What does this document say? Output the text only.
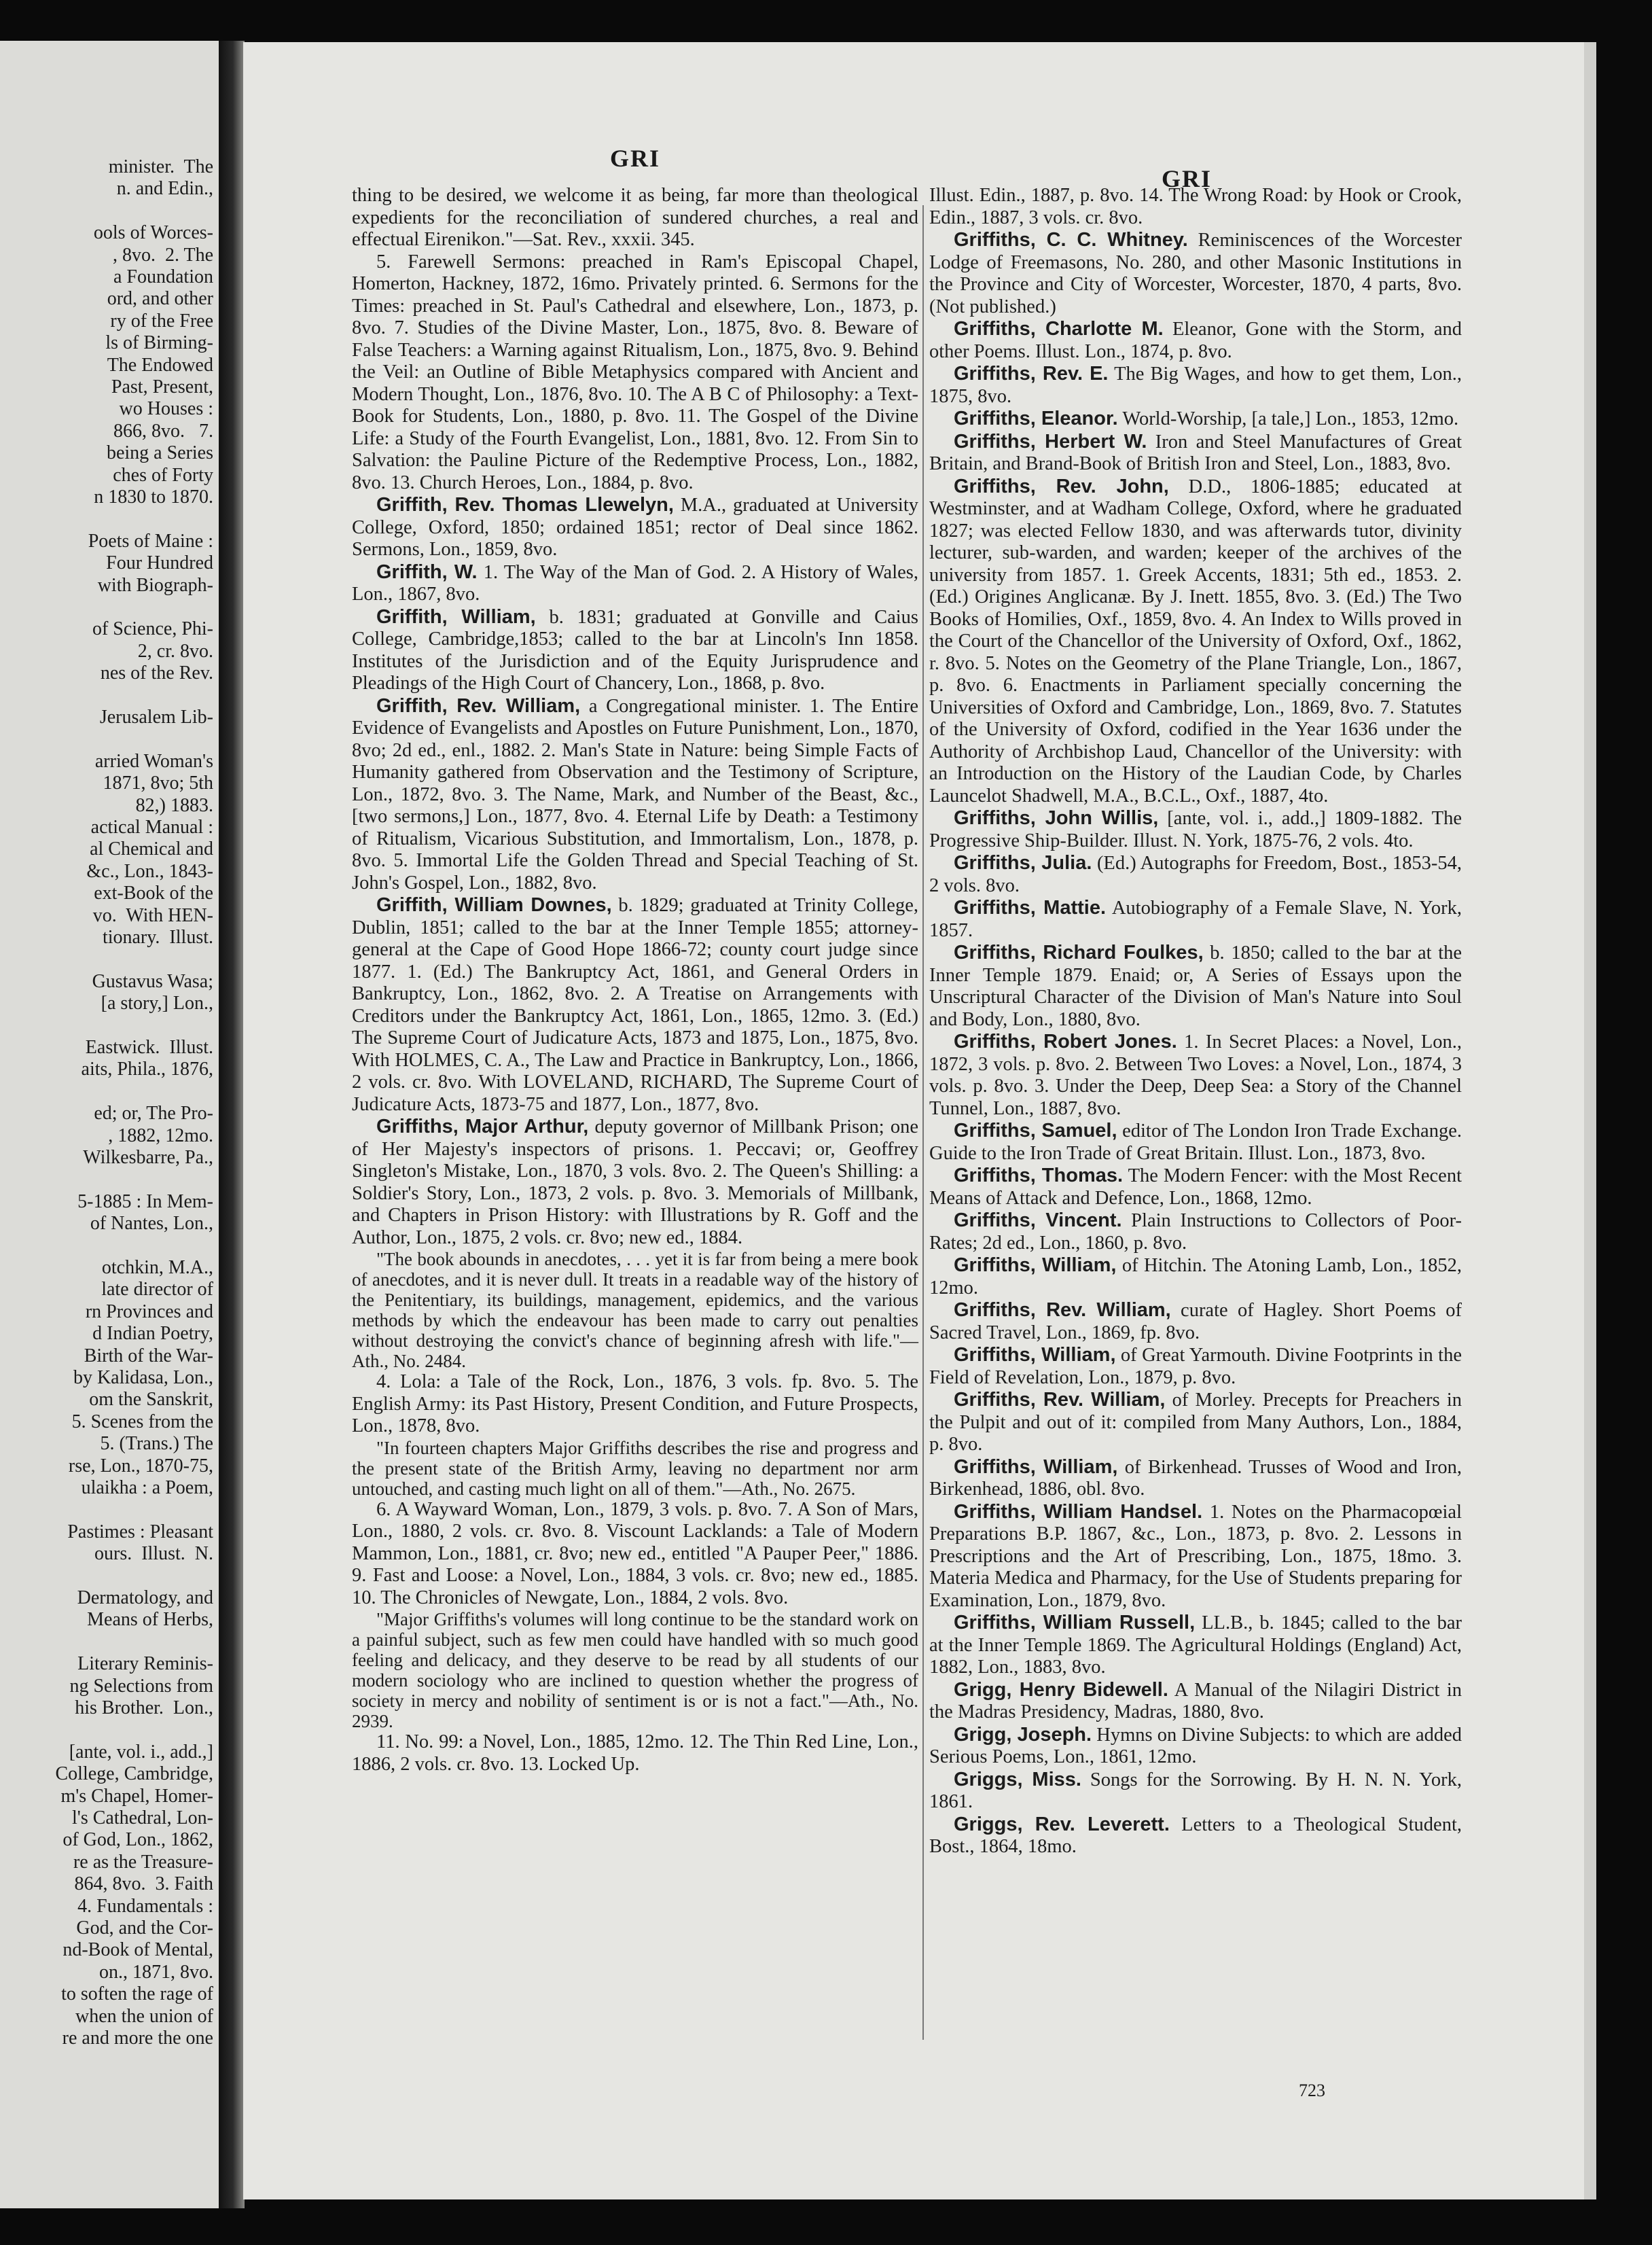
minister.  The
n. and Edin.,
ools of Worces-
, 8vo.  2. The
a Foundation
ord, and other
ry of the Free
ls of Birming-
The Endowed
Past, Present,
wo Houses :
866, 8vo.   7.
being a Series
ches of Forty
n 1830 to 1870.
Poets of Maine :
Four Hundred
with Biograph-
of Science, Phi-
2, cr. 8vo.
nes of the Rev.
Jerusalem Lib-
arried Woman's
1871, 8vo; 5th
82,) 1883.
actical Manual :
al Chemical and
&c., Lon., 1843-
ext-Book of the
vo.  With HEN-
tionary.  Illust.
Gustavus Wasa;
[a story,] Lon.,
Eastwick.  Illust.
aits, Phila., 1876,
ed; or, The Pro-
, 1882, 12mo.
Wilkesbarre, Pa.,
5-1885 : In Mem-
of Nantes, Lon.,
otchkin, M.A.,
late director of
rn Provinces and
d Indian Poetry,
Birth of the War-
by Kalidasa, Lon.,
om the Sanskrit,
5. Scenes from the
5. (Trans.) The
rse, Lon., 1870-75,
ulaikha : a Poem,
Pastimes : Pleasant
ours.  Illust.  N.
Dermatology, and
Means of Herbs,
Literary Reminis-
ng Selections from
his Brother.  Lon.,
[ante, vol. i., add.,]
College, Cambridge,
m's Chapel, Homer-
l's Cathedral, Lon-
of God, Lon., 1862,
re as the Treasure-
864, 8vo.  3. Faith
4. Fundamentals :
God, and the Cor-
nd-Book of Mental,
on., 1871, 8vo.
to soften the rage of
when the union of
re and more the one
GRI
GRI

thing to be desired, we welcome it as being, far more than theological expedients for the reconciliation of sundered churches, a real and effectual Eirenikon."—Sat. Rev., xxxii. 345.

5. Farewell Sermons: preached in Ram's Episcopal Chapel, Homerton, Hackney, 1872, 16mo. Privately printed. 6. Sermons for the Times: preached in St. Paul's Cathedral and elsewhere, Lon., 1873, p. 8vo. 7. Studies of the Divine Master, Lon., 1875, 8vo. 8. Beware of False Teachers: a Warning against Ritualism, Lon., 1875, 8vo. 9. Behind the Veil: an Outline of Bible Metaphysics compared with Ancient and Modern Thought, Lon., 1876, 8vo. 10. The A B C of Philosophy: a Text-Book for Students, Lon., 1880, p. 8vo. 11. The Gospel of the Divine Life: a Study of the Fourth Evangelist, Lon., 1881, 8vo. 12. From Sin to Salvation: the Pauline Picture of the Redemptive Process, Lon., 1882, 8vo. 13. Church Heroes, Lon., 1884, p. 8vo.

Griffith, Rev. Thomas Llewelyn, M.A., graduated at University College, Oxford, 1850; ordained 1851; rector of Deal since 1862. Sermons, Lon., 1859, 8vo.

Griffith, W. 1. The Way of the Man of God. 2. A History of Wales, Lon., 1867, 8vo.

Griffith, William, b. 1831; graduated at Gonville and Caius College, Cambridge,1853; called to the bar at Lincoln's Inn 1858. Institutes of the Jurisdiction and of the Equity Jurisprudence and Pleadings of the High Court of Chancery, Lon., 1868, p. 8vo.

Griffith, Rev. William, a Congregational minister. 1. The Entire Evidence of Evangelists and Apostles on Future Punishment, Lon., 1870, 8vo; 2d ed., enl., 1882. 2. Man's State in Nature: being Simple Facts of Humanity gathered from Observation and the Testimony of Scripture, Lon., 1872, 8vo. 3. The Name, Mark, and Number of the Beast, &c., [two sermons,] Lon., 1877, 8vo. 4. Eternal Life by Death: a Testimony of Ritualism, Vicarious Substitution, and Immortalism, Lon., 1878, p. 8vo. 5. Immortal Life the Golden Thread and Special Teaching of St. John's Gospel, Lon., 1882, 8vo.

Griffith, William Downes, b. 1829; graduated at Trinity College, Dublin, 1851; called to the bar at the Inner Temple 1855; attorney-general at the Cape of Good Hope 1866-72; county court judge since 1877. 1. (Ed.) The Bankruptcy Act, 1861, and General Orders in Bankruptcy, Lon., 1862, 8vo. 2. A Treatise on Arrangements with Creditors under the Bankruptcy Act, 1861, Lon., 1865, 12mo. 3. (Ed.) The Supreme Court of Judicature Acts, 1873 and 1875, Lon., 1875, 8vo. With HOLMES, C. A., The Law and Practice in Bankruptcy, Lon., 1866, 2 vols. cr. 8vo. With LOVELAND, RICHARD, The Supreme Court of Judicature Acts, 1873-75 and 1877, Lon., 1877, 8vo.

Griffiths, Major Arthur, deputy governor of Millbank Prison; one of Her Majesty's inspectors of prisons. 1. Peccavi; or, Geoffrey Singleton's Mistake, Lon., 1870, 3 vols. 8vo. 2. The Queen's Shilling: a Soldier's Story, Lon., 1873, 2 vols. p. 8vo. 3. Memorials of Millbank, and Chapters in Prison History: with Illustrations by R. Goff and the Author, Lon., 1875, 2 vols. cr. 8vo; new ed., 1884.

"The book abounds in anecdotes, . . . yet it is far from being a mere book of anecdotes, and it is never dull. It treats in a readable way of the history of the Penitentiary, its buildings, management, epidemics, and the various methods by which the endeavour has been made to carry out penalties without destroying the convict's chance of beginning afresh with life."—Ath., No. 2484.

4. Lola: a Tale of the Rock, Lon., 1876, 3 vols. fp. 8vo. 5. The English Army: its Past History, Present Condition, and Future Prospects, Lon., 1878, 8vo.

"In fourteen chapters Major Griffiths describes the rise and progress and the present state of the British Army, leaving no department nor arm untouched, and casting much light on all of them."—Ath., No. 2675.

6. A Wayward Woman, Lon., 1879, 3 vols. p. 8vo. 7. A Son of Mars, Lon., 1880, 2 vols. cr. 8vo. 8. Viscount Lacklands: a Tale of Modern Mammon, Lon., 1881, cr. 8vo; new ed., entitled "A Pauper Peer," 1886. 9. Fast and Loose: a Novel, Lon., 1884, 3 vols. cr. 8vo; new ed., 1885. 10. The Chronicles of Newgate, Lon., 1884, 2 vols. 8vo.

"Major Griffiths's volumes will long continue to be the standard work on a painful subject, such as few men could have handled with so much good feeling and delicacy, and they deserve to be read by all students of our modern sociology who are inclined to question whether the progress of society in mercy and nobility of sentiment is or is not a fact."—Ath., No. 2939.

11. No. 99: a Novel, Lon., 1885, 12mo. 12. The Thin Red Line, Lon., 1886, 2 vols. cr. 8vo. 13. Locked Up.

Illust. Edin., 1887, p. 8vo. 14. The Wrong Road: by Hook or Crook, Edin., 1887, 3 vols. cr. 8vo.

Griffiths, C. C. Whitney. Reminiscences of the Worcester Lodge of Freemasons, No. 280, and other Masonic Institutions in the Province and City of Worcester, Worcester, 1870, 4 parts, 8vo. (Not published.)

Griffiths, Charlotte M. Eleanor, Gone with the Storm, and other Poems. Illust. Lon., 1874, p. 8vo.

Griffiths, Rev. E. The Big Wages, and how to get them, Lon., 1875, 8vo.

Griffiths, Eleanor. World-Worship, [a tale,] Lon., 1853, 12mo.

Griffiths, Herbert W. Iron and Steel Manufactures of Great Britain, and Brand-Book of British Iron and Steel, Lon., 1883, 8vo.

Griffiths, Rev. John, D.D., 1806-1885; educated at Westminster, and at Wadham College, Oxford, where he graduated 1827; was elected Fellow 1830, and was afterwards tutor, divinity lecturer, sub-warden, and warden; keeper of the archives of the university from 1857. 1. Greek Accents, 1831; 5th ed., 1853. 2. (Ed.) Origines Anglicanæ. By J. Inett. 1855, 8vo. 3. (Ed.) The Two Books of Homilies, Oxf., 1859, 8vo. 4. An Index to Wills proved in the Court of the Chancellor of the University of Oxford, Oxf., 1862, r. 8vo. 5. Notes on the Geometry of the Plane Triangle, Lon., 1867, p. 8vo. 6. Enactments in Parliament specially concerning the Universities of Oxford and Cambridge, Lon., 1869, 8vo. 7. Statutes of the University of Oxford, codified in the Year 1636 under the Authority of Archbishop Laud, Chancellor of the University: with an Introduction on the History of the Laudian Code, by Charles Launcelot Shadwell, M.A., B.C.L., Oxf., 1887, 4to.

Griffiths, John Willis, [ante, vol. i., add.,] 1809-1882. The Progressive Ship-Builder. Illust. N. York, 1875-76, 2 vols. 4to.

Griffiths, Julia. (Ed.) Autographs for Freedom, Bost., 1853-54, 2 vols. 8vo.

Griffiths, Mattie. Autobiography of a Female Slave, N. York, 1857.

Griffiths, Richard Foulkes, b. 1850; called to the bar at the Inner Temple 1879. Enaid; or, A Series of Essays upon the Unscriptural Character of the Division of Man's Nature into Soul and Body, Lon., 1880, 8vo.

Griffiths, Robert Jones. 1. In Secret Places: a Novel, Lon., 1872, 3 vols. p. 8vo. 2. Between Two Loves: a Novel, Lon., 1874, 3 vols. p. 8vo. 3. Under the Deep, Deep Sea: a Story of the Channel Tunnel, Lon., 1887, 8vo.

Griffiths, Samuel, editor of The London Iron Trade Exchange. Guide to the Iron Trade of Great Britain. Illust. Lon., 1873, 8vo.

Griffiths, Thomas. The Modern Fencer: with the Most Recent Means of Attack and Defence, Lon., 1868, 12mo.

Griffiths, Vincent. Plain Instructions to Collectors of Poor-Rates; 2d ed., Lon., 1860, p. 8vo.

Griffiths, William, of Hitchin. The Atoning Lamb, Lon., 1852, 12mo.

Griffiths, Rev. William, curate of Hagley. Short Poems of Sacred Travel, Lon., 1869, fp. 8vo.

Griffiths, William, of Great Yarmouth. Divine Footprints in the Field of Revelation, Lon., 1879, p. 8vo.

Griffiths, Rev. William, of Morley. Precepts for Preachers in the Pulpit and out of it: compiled from Many Authors, Lon., 1884, p. 8vo.

Griffiths, William, of Birkenhead. Trusses of Wood and Iron, Birkenhead, 1886, obl. 8vo.

Griffiths, William Handsel. 1. Notes on the Pharmacopœial Preparations B.P. 1867, &c., Lon., 1873, p. 8vo. 2. Lessons in Prescriptions and the Art of Prescribing, Lon., 1875, 18mo. 3. Materia Medica and Pharmacy, for the Use of Students preparing for Examination, Lon., 1879, 8vo.

Griffiths, William Russell, LL.B., b. 1845; called to the bar at the Inner Temple 1869. The Agricultural Holdings (England) Act, 1882, Lon., 1883, 8vo.

Grigg, Henry Bidewell. A Manual of the Nilagiri District in the Madras Presidency, Madras, 1880, 8vo.

Grigg, Joseph. Hymns on Divine Subjects: to which are added Serious Poems, Lon., 1861, 12mo.

Griggs, Miss. Songs for the Sorrowing. By H. N. N. York, 1861.

Griggs, Rev. Leverett. Letters to a Theological Student, Bost., 1864, 18mo.

723
